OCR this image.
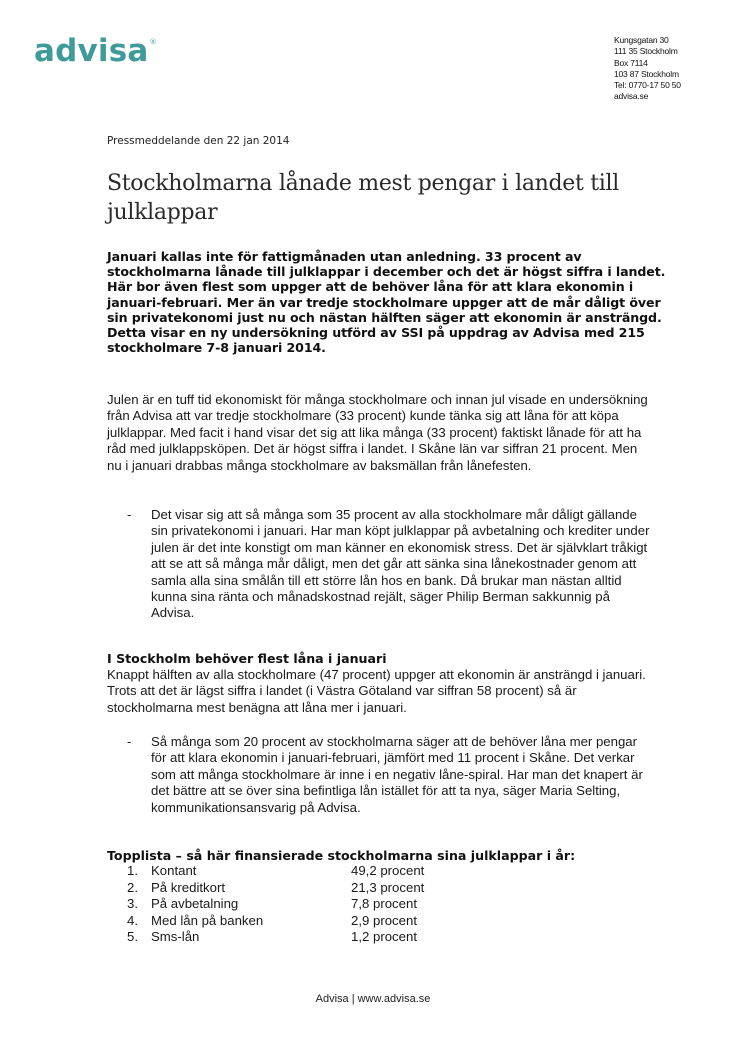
advisa®	Kungsgatan 30
111 35 Stockholm
Box 7114
103 87 Stockholm
Tel: 0770-17 50 50
advisa.se
Pressmeddelande den 22 jan 2014
Stockholmarna lånade mest pengar i landet till julklappar

Januari kallas inte för fattigmånaden utan anledning. 33 procent av stockholmarna lånade till julklappar i december och det är högst siffra i landet. Här bor även flest som uppger att de behöver låna för att klara ekonomin i januari-februari. Mer än var tredje stockholmare uppger att de mår dåligt över sin privatekonomi just nu och nästan hälften säger att ekonomin är ansträngd. Detta visar en ny undersökning utförd av SSI på uppdrag av Advisa med 215 stockholmare 7-8 januari 2014.

Julen är en tuff tid ekonomiskt för många stockholmare och innan jul visade en undersökning från Advisa att var tredje stockholmare (33 procent) kunde tänka sig att låna för att köpa julklappar. Med facit i hand visar det sig att lika många (33 procent) faktiskt lånade för att ha råd med julklappsköpen. Det är högst siffra i landet. I Skåne län var siffran 21 procent. Men nu i januari drabbas många stockholmare av baksmällan från lånefesten.

- Det visar sig att så många som 35 procent av alla stockholmare mår dåligt gällande sin privatekonomi i januari. Har man köpt julklappar på avbetalning och krediter under julen är det inte konstigt om man känner en ekonomisk stress. Det är självklart tråkigt att se att så många mår dåligt, men det går att sänka sina lånekostnader genom att samla alla sina smålån till ett större lån hos en bank. Då brukar man nästan alltid kunna sina ränta och månadskostnad rejält, säger Philip Berman sakkunnig på Advisa.

I Stockholm behöver flest låna i januari

Knappt hälften av alla stockholmare (47 procent) uppger att ekonomin är ansträngd i januari. Trots att det är lägst siffra i landet (i Västra Götaland var siffran 58 procent) så är stockholmarna mest benägna att låna mer i januari.

- Så många som 20 procent av stockholmarna säger att de behöver låna mer pengar för att klara ekonomin i januari-februari, jämfört med 11 procent i Skåne. Det verkar som att många stockholmare är inne i en negativ låne-spiral. Har man det knapert är det bättre att se över sina befintliga lån istället för att ta nya, säger Maria Selting, kommunikationsansvarig på Advisa.

Topplista – så här finansierade stockholmarna sina julklappar i år:
1. Kontant	49,2 procent
2. På kreditkort	21,3 procent
3. På avbetalning	7,8 procent
4. Med lån på banken	2,9 procent
5. Sms-lån	1,2 procent
Advisa | www.advisa.se
